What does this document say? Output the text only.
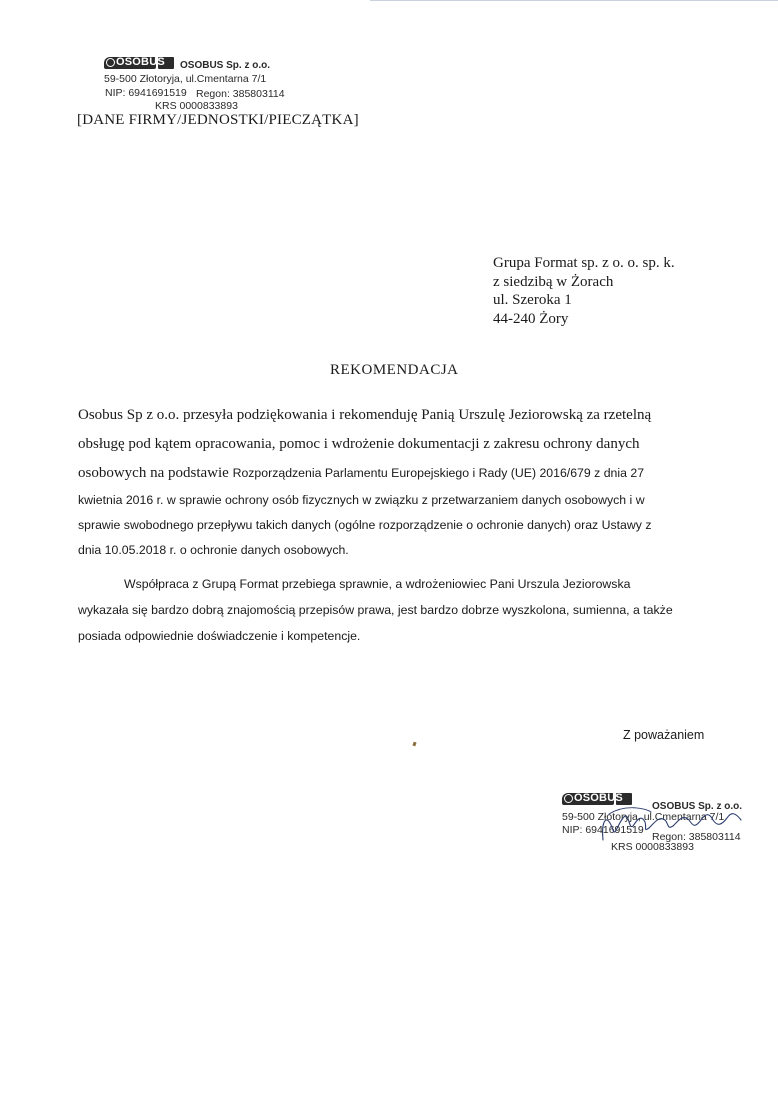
OSOBUS OSOBUS Sp. z o.o.
59-500 Złotoryja, ul.Cmentarna 7/1
NIP: 6941691519 Regon: 385803114
KRS 0000833893
[DANE FIRMY/JEDNOSTKI/PIECZĄTKA]
Grupa Format sp. z o. o. sp. k.
z siedzibą w Żorach
ul. Szeroka 1
44-240 Żory
REKOMENDACJA
Osobus Sp z o.o. przesyła podziękowania i rekomenduję Panią Urszulę Jeziorowską za rzetelną
obsługę pod kątem opracowania, pomoc i wdrożenie dokumentacji z zakresu ochrony danych
osobowych na podstawie Rozporządzenia Parlamentu Europejskiego i Rady (UE) 2016/679 z dnia 27
kwietnia 2016 r. w sprawie ochrony osób fizycznych w związku z przetwarzaniem danych osobowych i w
sprawie swobodnego przepływu takich danych (ogólne rozporządzenie o ochronie danych) oraz Ustawy z
dnia 10.05.2018 r. o ochronie danych osobowych.
Współpraca z Grupą Format przebiega sprawnie, a wdrożeniowiec Pani Urszula Jeziorowska
wykazała się bardzo dobrą znajomością przepisów prawa, jest bardzo dobrze wyszkolona, sumienna, a także
posiada odpowiednie doświadczenie i kompetencje.
Z poważaniem
OSOBUS
OSOBUS Sp. z o.o.
59-500 Złotoryja, ul.Cmentarna 7/1
NIP: 6941691519
Regon: 385803114
KRS 0000833893
